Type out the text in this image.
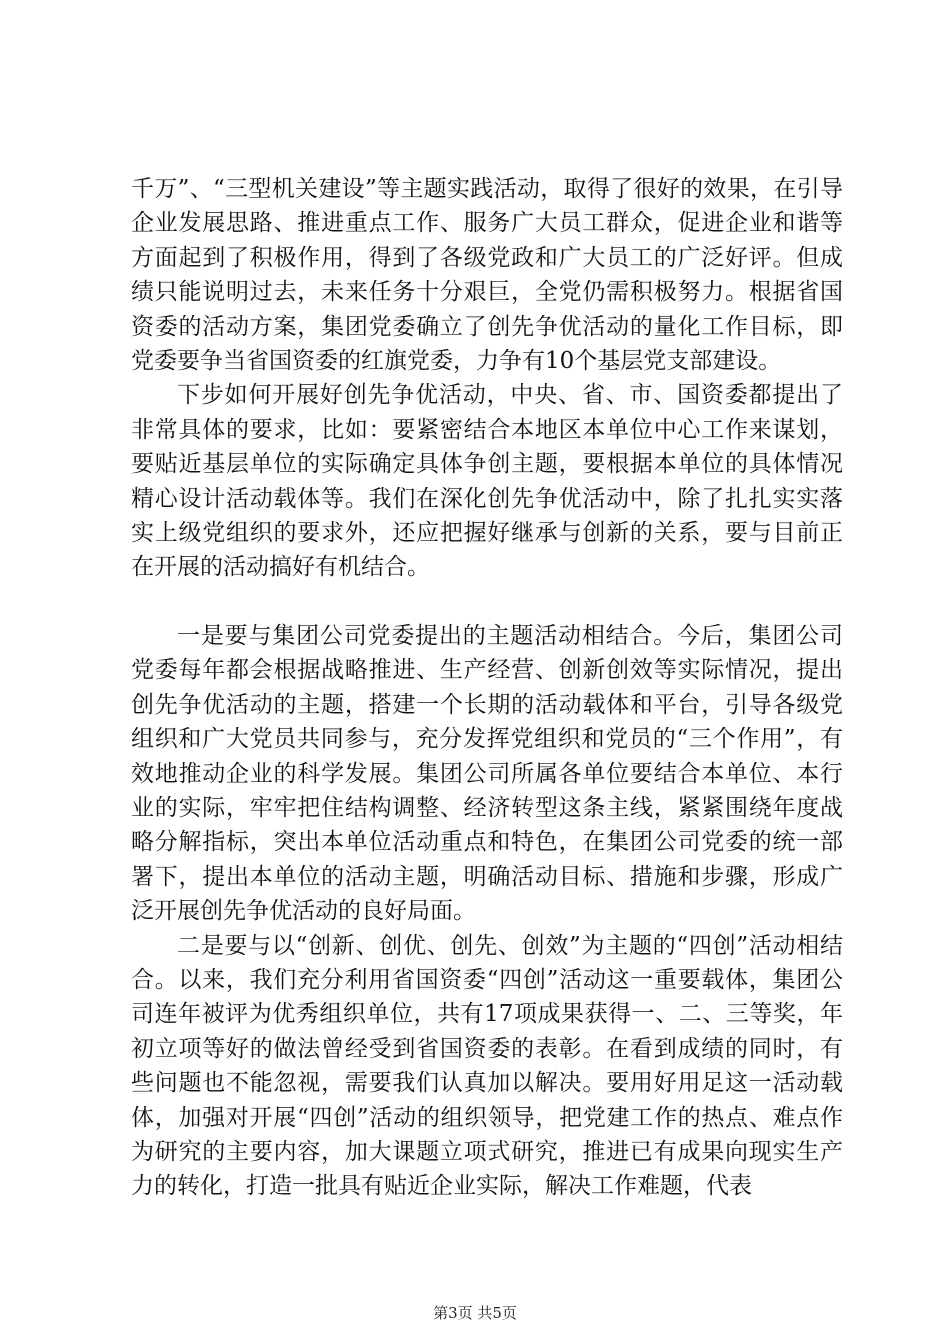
千万”、“三型机关建设”等主题实践活动，取得了很好的效果，在引导企业发展思路、推进重点工作、服务广大员工群众，促进企业和谐等方面起到了积极作用，得到了各级党政和广大员工的广泛好评。但成绩只能说明过去，未来任务十分艰巨，全党仍需积极努力。根据省国资委的活动方案，集团党委确立了创先争优活动的量化工作目标，即党委要争当省国资委的红旗党委，力争有10个基层党支部建设。

下步如何开展好创先争优活动，中央、省、市、国资委都提出了非常具体的要求，比如：要紧密结合本地区本单位中心工作来谋划，要贴近基层单位的实际确定具体争创主题，要根据本单位的具体情况精心设计活动载体等。我们在深化创先争优活动中，除了扎扎实实落实上级党组织的要求外，还应把握好继承与创新的关系，要与目前正在开展的活动搞好有机结合。

一是要与集团公司党委提出的主题活动相结合。今后，集团公司党委每年都会根据战略推进、生产经营、创新创效等实际情况，提出创先争优活动的主题，搭建一个长期的活动载体和平台，引导各级党组织和广大党员共同参与，充分发挥党组织和党员的“三个作用”，有效地推动企业的科学发展。集团公司所属各单位要结合本单位、本行业的实际，牢牢把住结构调整、经济转型这条主线，紧紧围绕年度战略分解指标，突出本单位活动重点和特色，在集团公司党委的统一部署下，提出本单位的活动主题，明确活动目标、措施和步骤，形成广泛开展创先争优活动的良好局面。

二是要与以“创新、创优、创先、创效”为主题的“四创”活动相结合。以来，我们充分利用省国资委“四创”活动这一重要载体，集团公司连年被评为优秀组织单位，共有17项成果获得一、二、三等奖，年初立项等好的做法曾经受到省国资委的表彰。在看到成绩的同时，有些问题也不能忽视，需要我们认真加以解决。要用好用足这一活动载体，加强对开展“四创”活动的组织领导，把党建工作的热点、难点作为研究的主要内容，加大课题立项式研究，推进已有成果向现实生产力的转化，打造一批具有贴近企业实际，解决工作难题，代表

第3页 共5页
